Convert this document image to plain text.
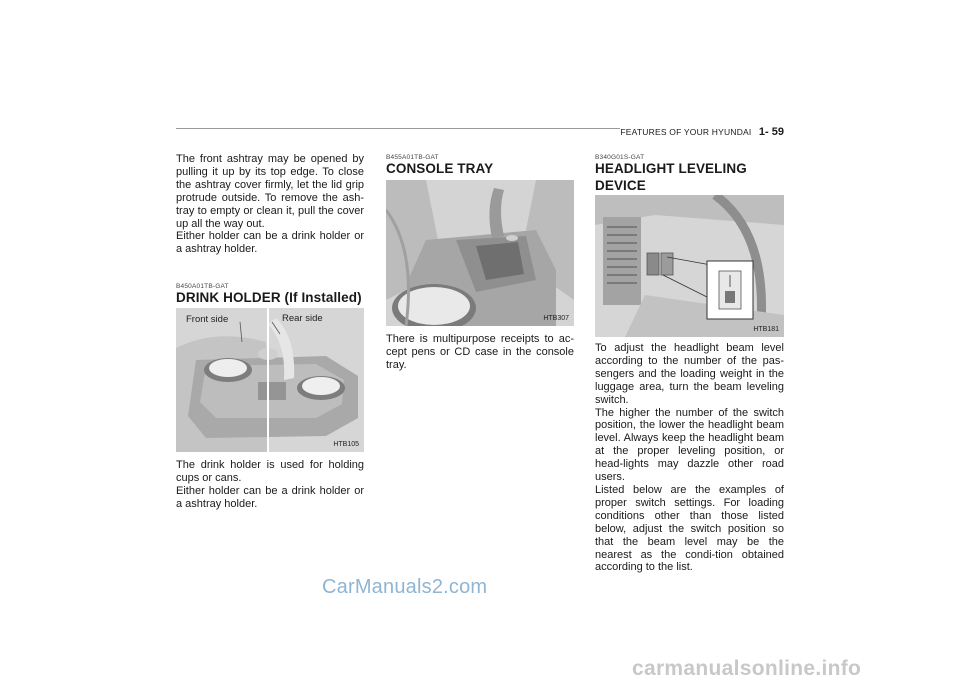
FEATURES OF YOUR HYUNDAI 1- 59

The front ashtray may be opened by pulling it up by its top edge. To close the ashtray cover firmly, let the lid grip protrude outside. To remove the ash-tray to empty or clean it, pull the cover up all the way out.

Either holder can be a drink holder or a ashtray holder.

B450A01TB-GAT
DRINK HOLDER (If Installed)
Front side	Rear side
HTB105

The drink holder is used for holding cups or cans.

Either holder can be a drink holder or a ashtray holder.

B455A01TB-GAT
CONSOLE TRAY
HTB307
There is multipurpose receipts to ac-cept pens or CD case in the console tray.
B340G01S-GAT
HEADLIGHT LEVELING DEVICE
HTB181

To adjust the headlight beam level according to the number of the pas-sengers and the loading weight in the luggage area, turn the beam leveling switch.

The higher the number of the switch position, the lower the headlight beam level. Always keep the headlight beam at the proper leveling position, or head-lights may dazzle other road users.

Listed below are the examples of proper switch settings. For loading conditions other than those listed below, adjust the switch position so that the beam level may be the nearest as the condi-tion obtained according to the list.

CarManuals2.com
carmanualsonline.info
